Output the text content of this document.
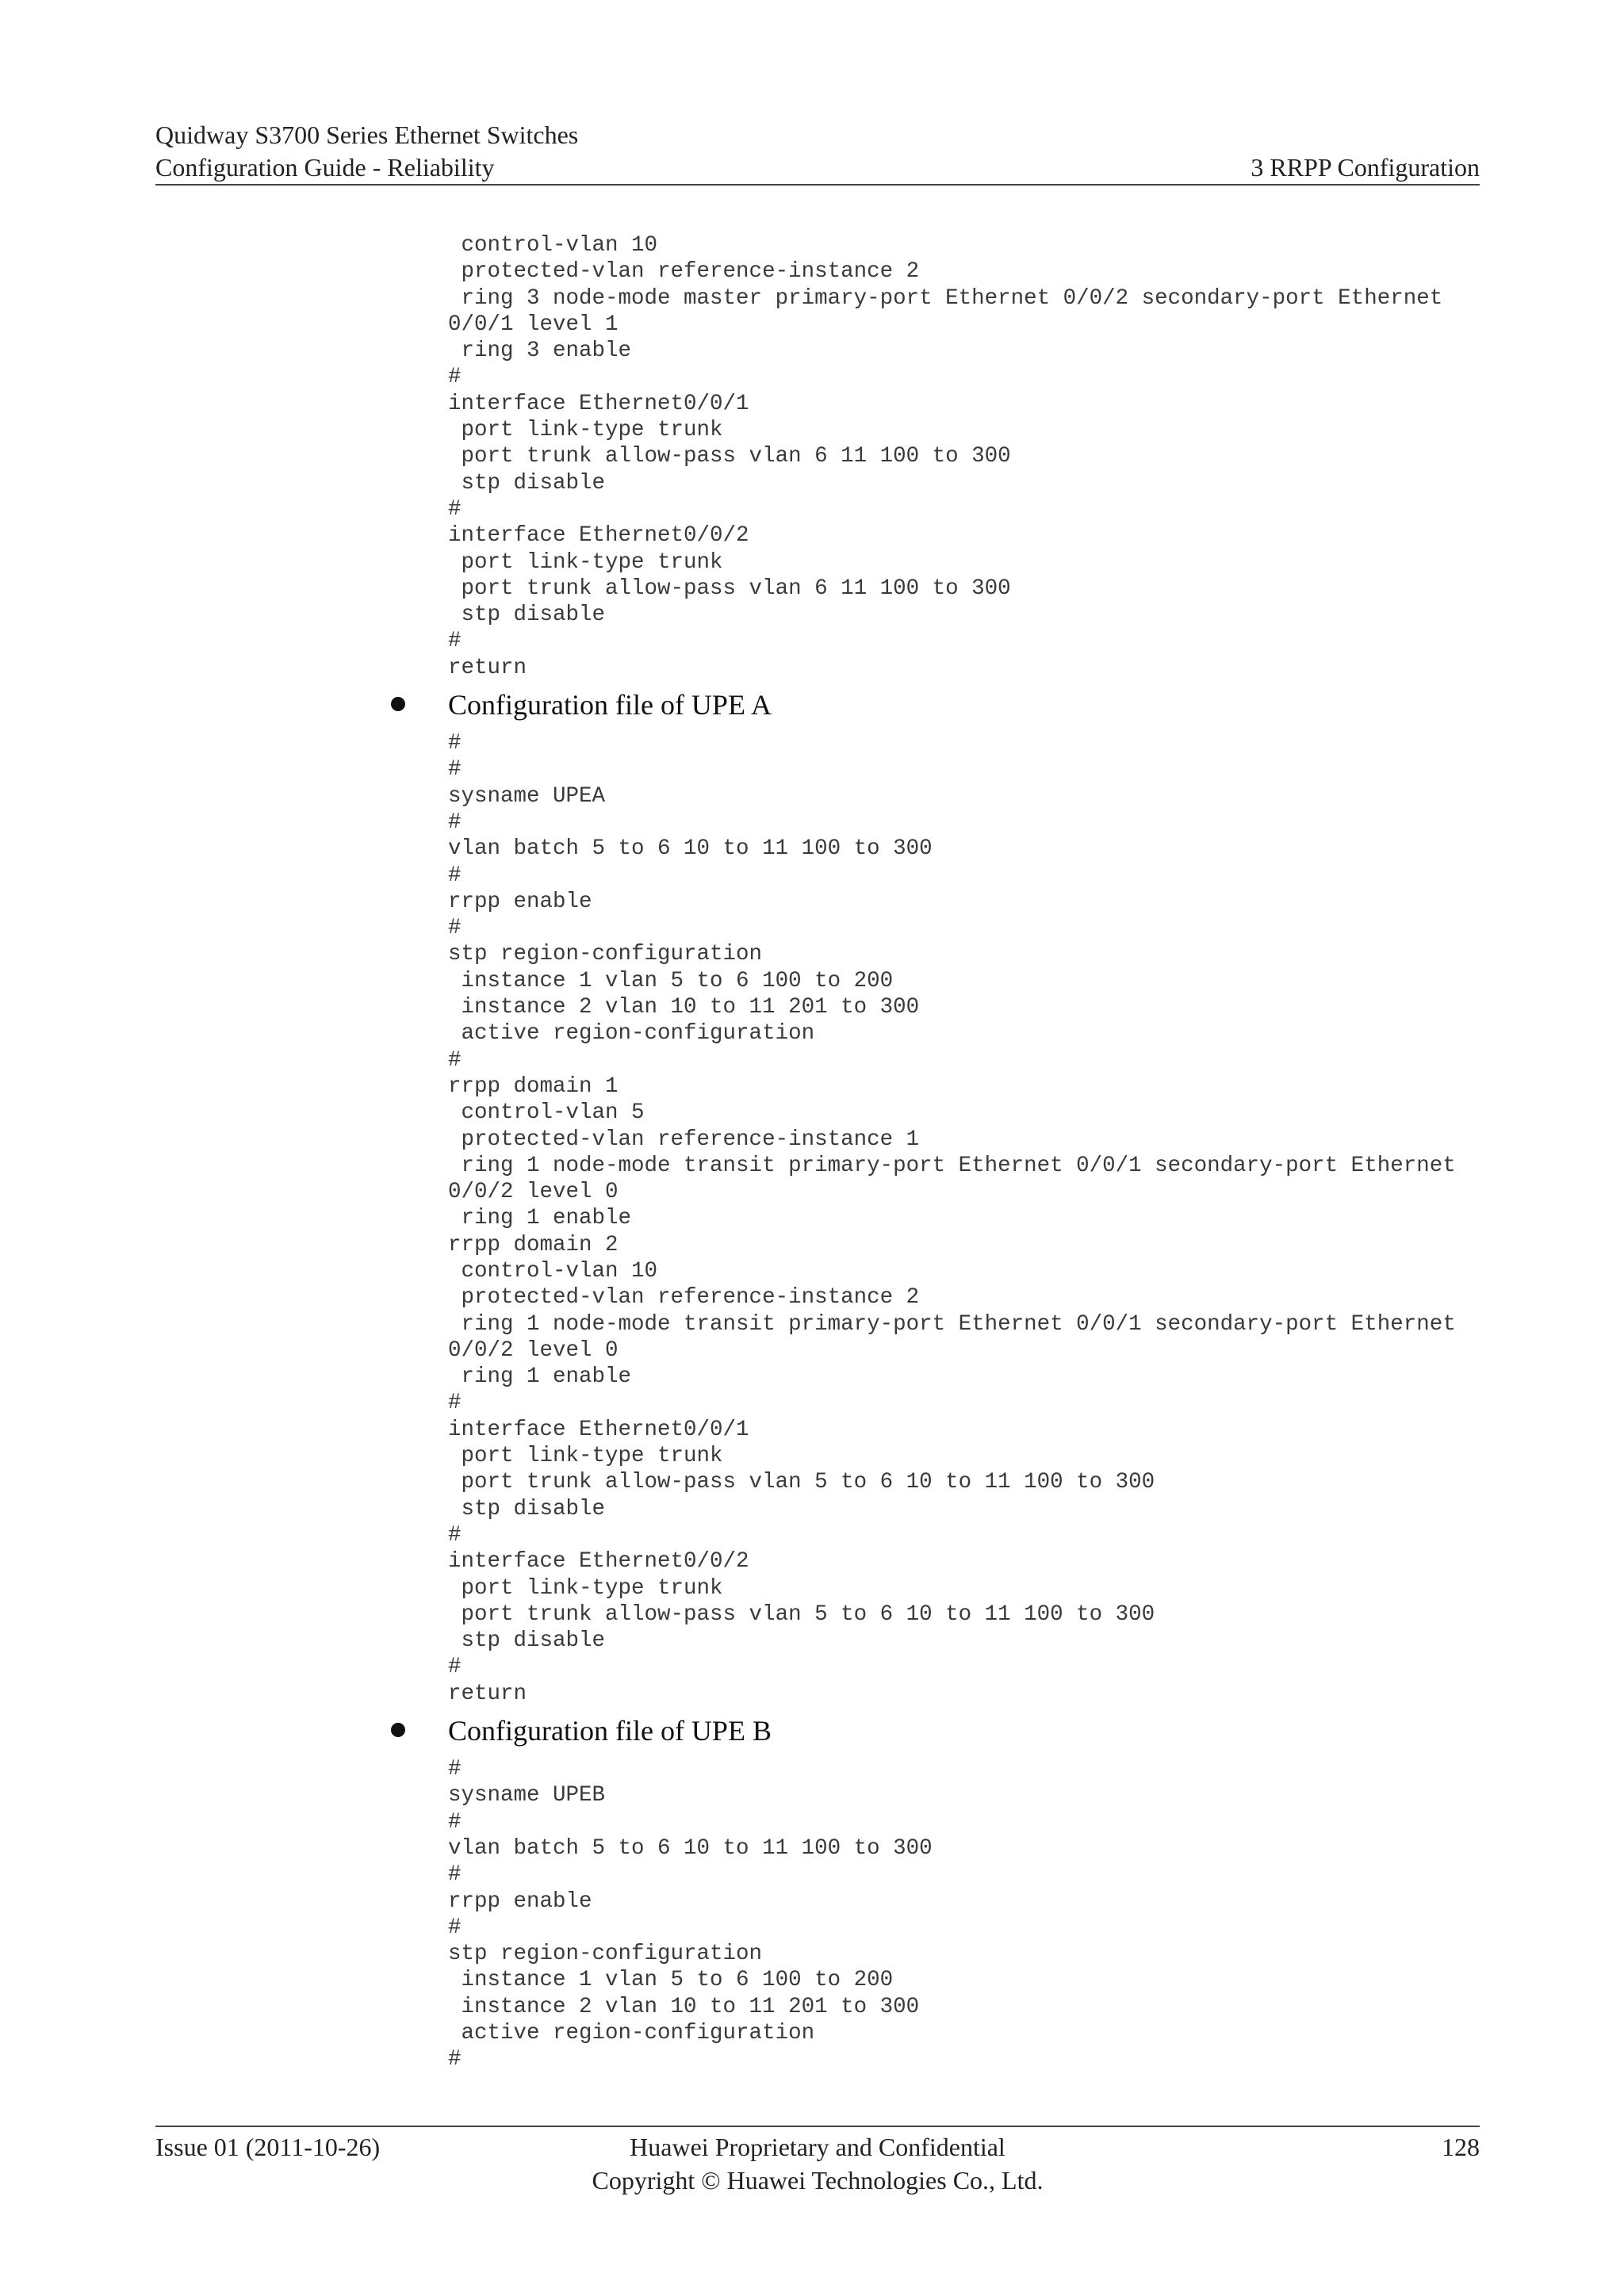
Quidway S3700 Series Ethernet Switches
Configuration Guide - Reliability	3 RRPP Configuration
control-vlan 10
protected-vlan reference-instance 2
ring 3 node-mode master primary-port Ethernet 0/0/2 secondary-port Ethernet
0/0/1 level 1
ring 3 enable
#
interface Ethernet0/0/1
port link-type trunk
port trunk allow-pass vlan 6 11 100 to 300
stp disable
#
interface Ethernet0/0/2
port link-type trunk
port trunk allow-pass vlan 6 11 100 to 300
stp disable
#
return
Configuration file of UPE A
#
#
sysname UPEA
#
vlan batch 5 to 6 10 to 11 100 to 300
#
rrpp enable
#
stp region-configuration
instance 1 vlan 5 to 6 100 to 200
instance 2 vlan 10 to 11 201 to 300
active region-configuration
#
rrpp domain 1
control-vlan 5
protected-vlan reference-instance 1
ring 1 node-mode transit primary-port Ethernet 0/0/1 secondary-port Ethernet
0/0/2 level 0
ring 1 enable
rrpp domain 2
control-vlan 10
protected-vlan reference-instance 2
ring 1 node-mode transit primary-port Ethernet 0/0/1 secondary-port Ethernet
0/0/2 level 0
ring 1 enable
#
interface Ethernet0/0/1
port link-type trunk
port trunk allow-pass vlan 5 to 6 10 to 11 100 to 300
stp disable
#
interface Ethernet0/0/2
port link-type trunk
port trunk allow-pass vlan 5 to 6 10 to 11 100 to 300
stp disable
#
return
Configuration file of UPE B
#
sysname UPEB
#
vlan batch 5 to 6 10 to 11 100 to 300
#
rrpp enable
#
stp region-configuration
instance 1 vlan 5 to 6 100 to 200
instance 2 vlan 10 to 11 201 to 300
active region-configuration
#
Issue 01 (2011-10-26)	Huawei Proprietary and Confidential
Copyright © Huawei Technologies Co., Ltd.
128
